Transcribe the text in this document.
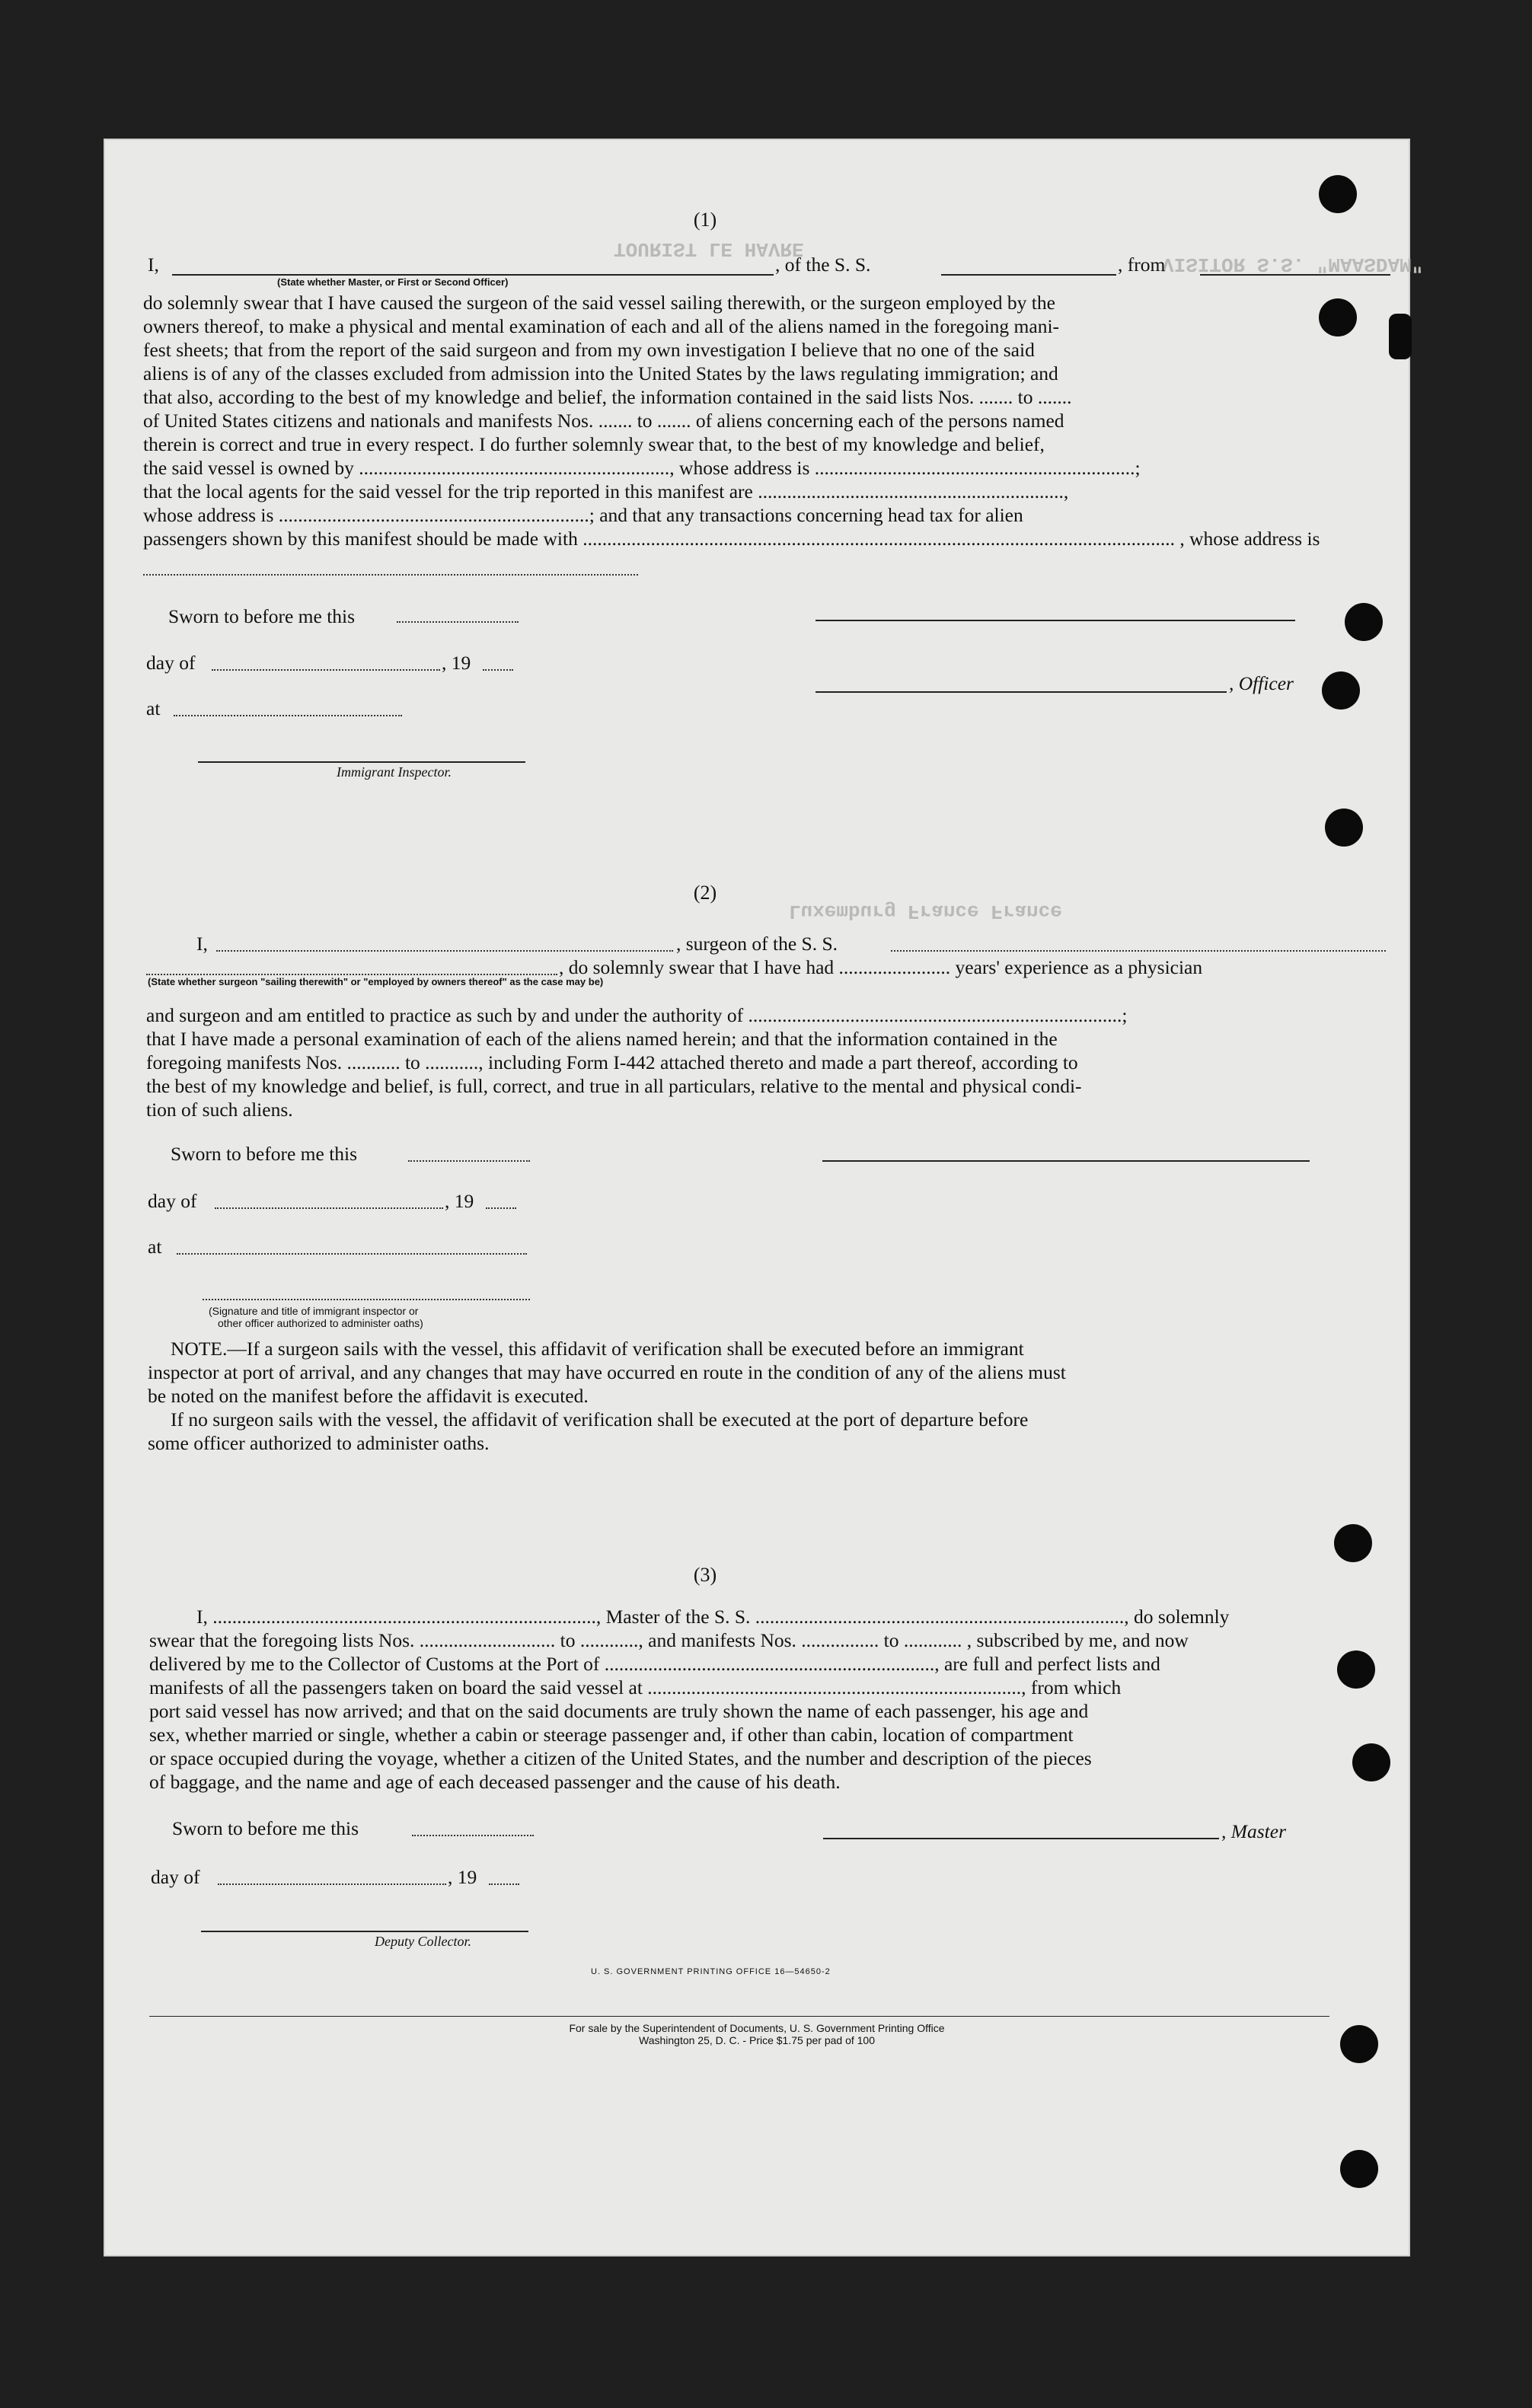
VISITOR S.S. "MAASDAM"
TOURIST LE HAVRE
Luxemburg France France
(1)
I,	, of the S. S.	, from
(State whether Master, or First or Second Officer)
do solemnly swear that I have caused the surgeon of the said vessel sailing therewith, or the surgeon employed by the
owners thereof, to make a physical and mental examination of each and all of the aliens named in the foregoing mani-
fest sheets; that from the report of the said surgeon and from my own investigation I believe that no one of the said
aliens is of any of the classes excluded from admission into the United States by the laws regulating immigration; and
that also, according to the best of my knowledge and belief, the information contained in the said lists Nos. ....... to .......
of United States citizens and nationals and manifests Nos. ....... to ....... of aliens concerning each of the persons named
therein is correct and true in every respect. I do further solemnly swear that, to the best of my knowledge and belief,
the said vessel is owned by ................................................................, whose address is ..................................................................;
that the local agents for the said vessel for the trip reported in this manifest are ...............................................................,
whose address is ................................................................; and that any transactions concerning head tax for alien
passengers shown by this manifest should be made with .......................................................................................................................... , whose address is
Sworn to before me this
day of	, 19
, Officer
at
Immigrant Inspector.
(2)
I,	, surgeon of the S. S.
, do solemnly swear that I have had ....................... years' experience as a physician
(State whether surgeon "sailing therewith" or "employed by owners thereof" as the case may be)
and surgeon and am entitled to practice as such by and under the authority of .............................................................................;
that I have made a personal examination of each of the aliens named herein; and that the information contained in the
foregoing manifests Nos. ........... to ..........., including Form I-442 attached thereto and made a part thereof, according to
the best of my knowledge and belief, is full, correct, and true in all particulars, relative to the mental and physical condi-
tion of such aliens.
Sworn to before me this
day of	, 19
at
(Signature and title of immigrant inspector or
other officer authorized to administer oaths)
NOTE.—If a surgeon sails with the vessel, this affidavit of verification shall be executed before an immigrant
inspector at port of arrival, and any changes that may have occurred en route in the condition of any of the aliens must
be noted on the manifest before the affidavit is executed.
If no surgeon sails with the vessel, the affidavit of verification shall be executed at the port of departure before
some officer authorized to administer oaths.
(3)
I, ..............................................................................., Master of the S. S. ............................................................................, do solemnly
swear that the foregoing lists Nos. ............................ to ............, and manifests Nos. ................ to ............ , subscribed by me, and now
delivered by me to the Collector of Customs at the Port of ...................................................................., are full and perfect lists and
manifests of all the passengers taken on board the said vessel at ............................................................................., from which
port said vessel has now arrived; and that on the said documents are truly shown the name of each passenger, his age and
sex, whether married or single, whether a cabin or steerage passenger and, if other than cabin, location of compartment
or space occupied during the voyage, whether a citizen of the United States, and the number and description of the pieces
of baggage, and the name and age of each deceased passenger and the cause of his death.
Sworn to before me this	, Master
day of	, 19
Deputy Collector.
U. S. GOVERNMENT PRINTING OFFICE 16—54650-2
For sale by the Superintendent of Documents, U. S. Government Printing Office
Washington 25, D. C. - Price $1.75 per pad of 100
